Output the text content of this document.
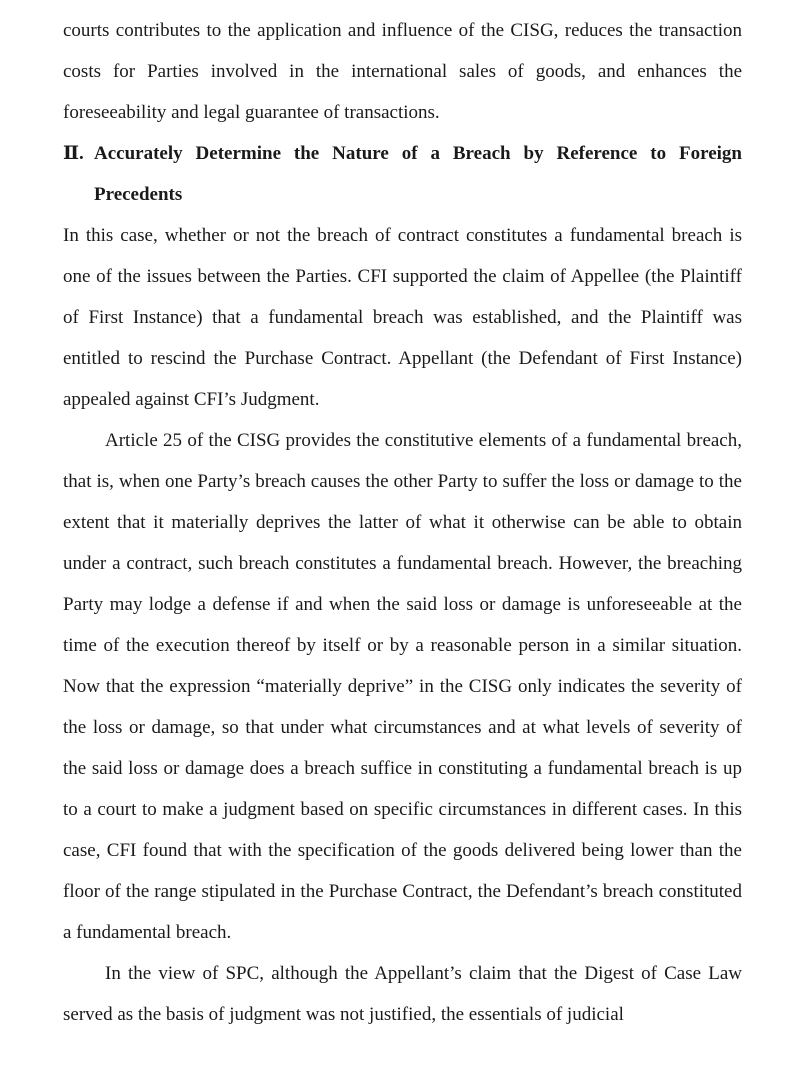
courts contributes to the application and influence of the CISG, reduces the transaction costs for Parties involved in the international sales of goods, and enhances the foreseeability and legal guarantee of transactions.

Ⅱ. Accurately Determine the Nature of a Breach by Reference to Foreign Precedents

In this case, whether or not the breach of contract constitutes a fundamental breach is one of the issues between the Parties. CFI supported the claim of Appellee (the Plaintiff of First Instance) that a fundamental breach was established, and the Plaintiff was entitled to rescind the Purchase Contract. Appellant (the Defendant of First Instance) appealed against CFI’s Judgment.

Article 25 of the CISG provides the constitutive elements of a fundamental breach, that is, when one Party’s breach causes the other Party to suffer the loss or damage to the extent that it materially deprives the latter of what it otherwise can be able to obtain under a contract, such breach constitutes a fundamental breach. However, the breaching Party may lodge a defense if and when the said loss or damage is unforeseeable at the time of the execution thereof by itself or by a reasonable person in a similar situation. Now that the expression “materially deprive” in the CISG only indicates the severity of the loss or damage, so that under what circumstances and at what levels of severity of the said loss or damage does a breach suffice in constituting a fundamental breach is up to a court to make a judgment based on specific circumstances in different cases. In this case, CFI found that with the specification of the goods delivered being lower than the floor of the range stipulated in the Purchase Contract, the Defendant’s breach constituted a fundamental breach.

In the view of SPC, although the Appellant’s claim that the Digest of Case Law served as the basis of judgment was not justified, the essentials of judicial
